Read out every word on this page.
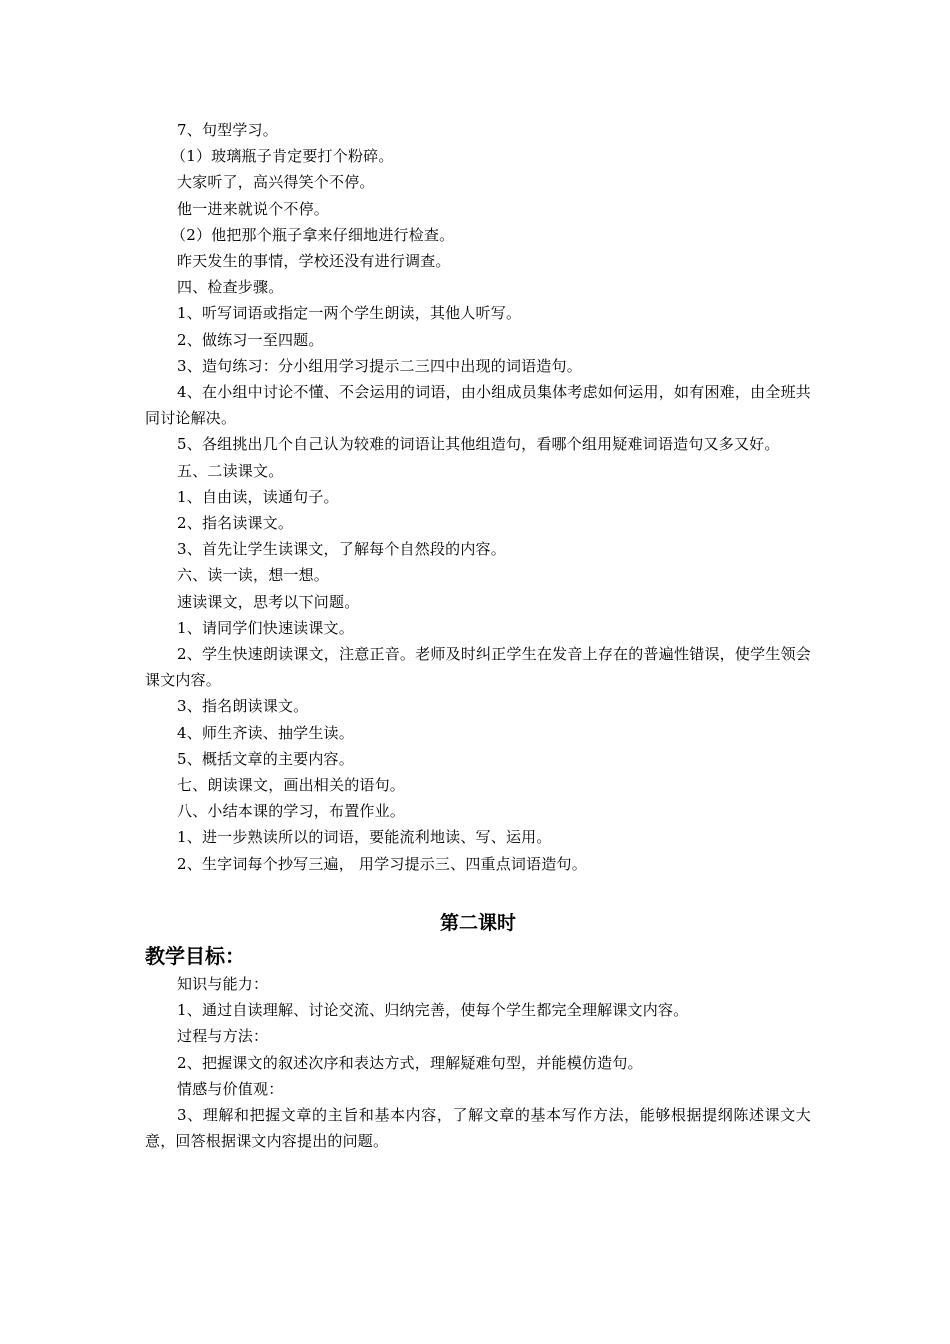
7、句型学习。

（1）玻璃瓶子肯定要打个粉碎。

大家听了，高兴得笑个不停。

他一进来就说个不停。

（2）他把那个瓶子拿来仔细地进行检查。

昨天发生的事情，学校还没有进行调查。

四、检查步骤。

1、听写词语或指定一两个学生朗读，其他人听写。

2、做练习一至四题。

3、造句练习：分小组用学习提示二三四中出现的词语造句。

4、在小组中讨论不懂、不会运用的词语，由小组成员集体考虑如何运用，如有困难，由全班共同讨论解决。

5、各组挑出几个自己认为较难的词语让其他组造句，看哪个组用疑难词语造句又多又好。

五、二读课文。

1、自由读，读通句子。

2、指名读课文。

3、首先让学生读课文，了解每个自然段的内容。

六、读一读，想一想。

速读课文，思考以下问题。

1、请同学们快速读课文。

2、学生快速朗读课文，注意正音。老师及时纠正学生在发音上存在的普遍性错误，使学生领会课文内容。

3、指名朗读课文。

4、师生齐读、抽学生读。

5、概括文章的主要内容。

七、朗读课文，画出相关的语句。

八、小结本课的学习，布置作业。

1、进一步熟读所以的词语，要能流利地读、写、运用。

2、生字词每个抄写三遍， 用学习提示三、四重点词语造句。

第二课时
教学目标：

知识与能力：

1、通过自读理解、讨论交流、归纳完善，使每个学生都完全理解课文内容。

过程与方法：

2、把握课文的叙述次序和表达方式，理解疑难句型，并能模仿造句。

情感与价值观：

3、理解和把握文章的主旨和基本内容，了解文章的基本写作方法，能够根据提纲陈述课文大意，回答根据课文内容提出的问题。
